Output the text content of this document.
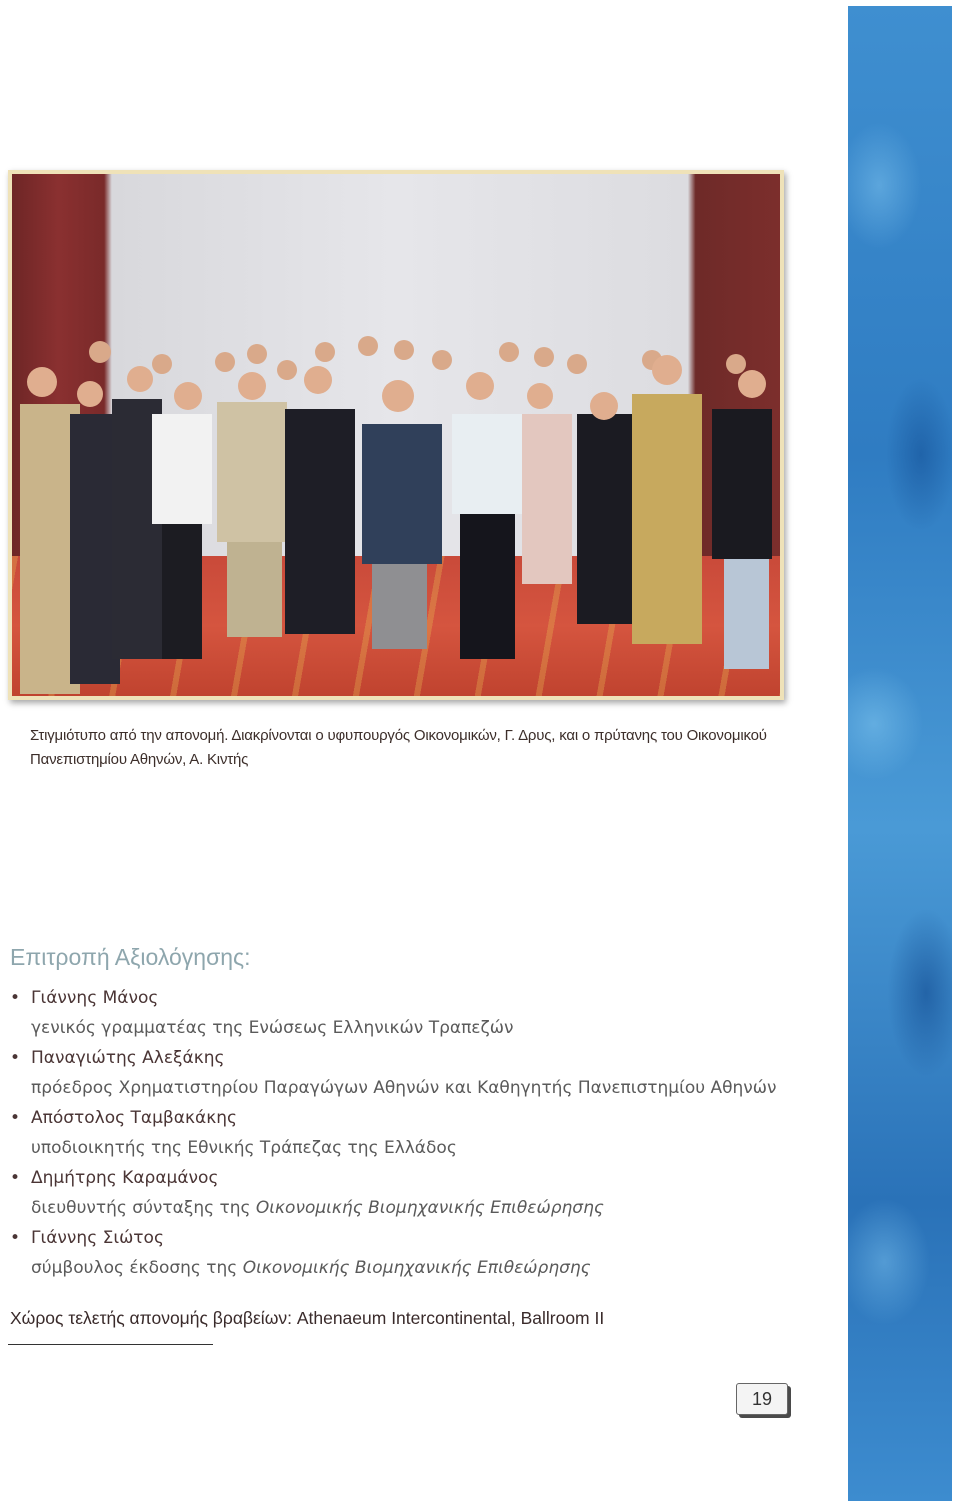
Στιγμιότυπο από την απονομή. Διακρίνονται ο υφυπουργός Οικονομικών, Γ. Δρυς, και ο πρύτανης του Οικονομικού
Πανεπιστημίου Αθηνών, Α. Κιντής
Επιτροπή Αξιολόγησης:
• Γιάννης Μάνος
γενικός γραμματέας της Ενώσεως Ελληνικών Τραπεζών
• Παναγιώτης Αλεξάκης
πρόεδρος Χρηματιστηρίου Παραγώγων Αθηνών και Καθηγητής Πανεπιστημίου Αθηνών
• Απόστολος Ταμβακάκης
υποδιοικητής της Εθνικής Τράπεζας της Ελλάδος
• Δημήτρης Καραμάνος
διευθυντής σύνταξης της Οικονομικής Βιομηχανικής Επιθεώρησης
• Γιάννης Σιώτος
σύμβουλος έκδοσης της Οικονομικής Βιομηχανικής Επιθεώρησης
Χώρος τελετής απονομής βραβείων: Athenaeum Intercontinental, Ballroom II
19
